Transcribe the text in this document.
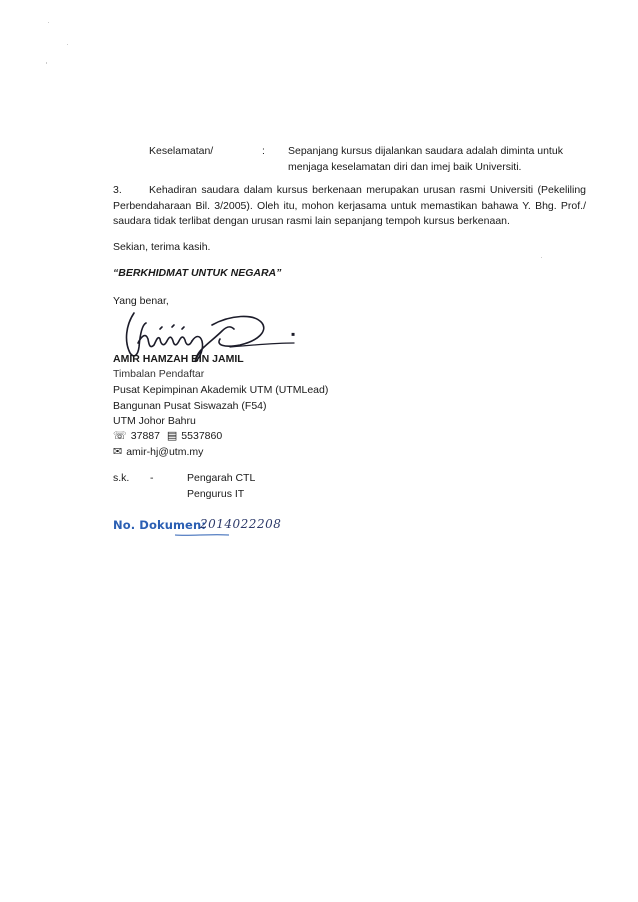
Keselamatan/	: Sepanjang kursus dijalankan saudara adalah diminta untuk
menjaga keselamatan diri dan imej baik Universiti.
3.	Kehadiran saudara dalam kursus berkenaan merupakan urusan rasmi Universiti (Pekeliling
Perbendaharaan Bil. 3/2005). Oleh itu, mohon kerjasama untuk memastikan bahawa Y. Bhg. Prof./
saudara tidak terlibat dengan urusan rasmi lain sepanjang tempoh kursus berkenaan.
Sekian, terima kasih.
“BERKHIDMAT UNTUK NEGARA”
Yang benar,
▪
AMIR HAMZAH BIN JAMIL
Timbalan Pendaftar
Pusat Kepimpinan Akademik UTM (UTMLead)
Bangunan Pusat Siswazah (F54)
UTM Johor Bahru
☏ 37887 ▤ 5537860
✉ amir-hj@utm.my
s.k. -	Pengarah CTL
Pengurus IT
No. Dokumen:
2014022208
